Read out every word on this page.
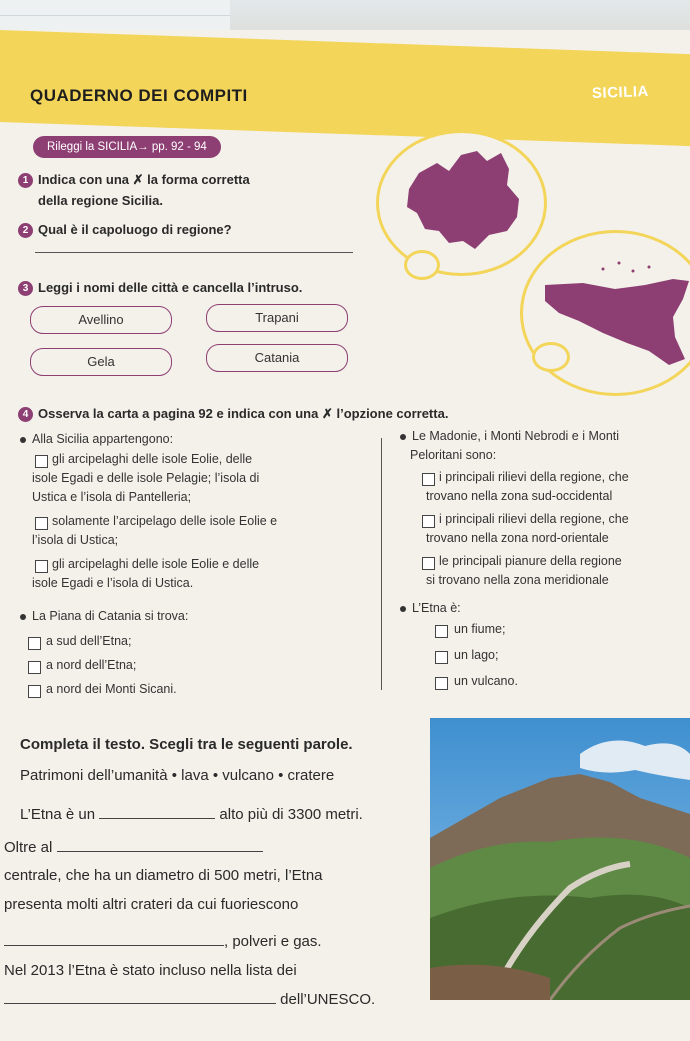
QUADERNO DEI COMPITI	SICILIA
Rileggi la SICILIA→ pp. 92 - 94
1 Indica con una ✗ la forma corretta
della regione Sicilia.
2 Qual è il capoluogo di regione?
3 Leggi i nomi delle città e cancella l’intruso.
Avellino	Trapani
Gela	Catania
4 Osserva la carta a pagina 92 e indica con una ✗ l’opzione corretta.
Alla Sicilia appartengono:
gli arcipelaghi delle isole Eolie, delle
isole Egadi e delle isole Pelagie; l’isola di
Ustica e l’isola di Pantelleria;
solamente l’arcipelago delle isole Eolie e
l’isola di Ustica;
gli arcipelaghi delle isole Eolie e delle
isole Egadi e l’isola di Ustica.
La Piana di Catania si trova:
a sud dell’Etna;
a nord dell’Etna;
a nord dei Monti Sicani.
Le Madonie, i Monti Nebrodi e i Monti
Peloritani sono:
i principali rilievi della regione, che
trovano nella zona sud-occidental
i principali rilievi della regione, che
trovano nella zona nord-orientale
le principali pianure della regione
si trovano nella zona meridionale
L’Etna è:
un fiume;
un lago;
un vulcano.
Completa il testo. Scegli tra le seguenti parole.
Patrimoni dell’umanità • lava • vulcano • cratere
L’Etna è un	alto più di 3300 metri.
Oltre al
centrale, che ha un diametro di 500 metri, l’Etna
presenta molti altri crateri da cui fuoriescono
, polveri e gas.
Nel 2013 l’Etna è stato incluso nella lista dei
dell’UNESCO.
